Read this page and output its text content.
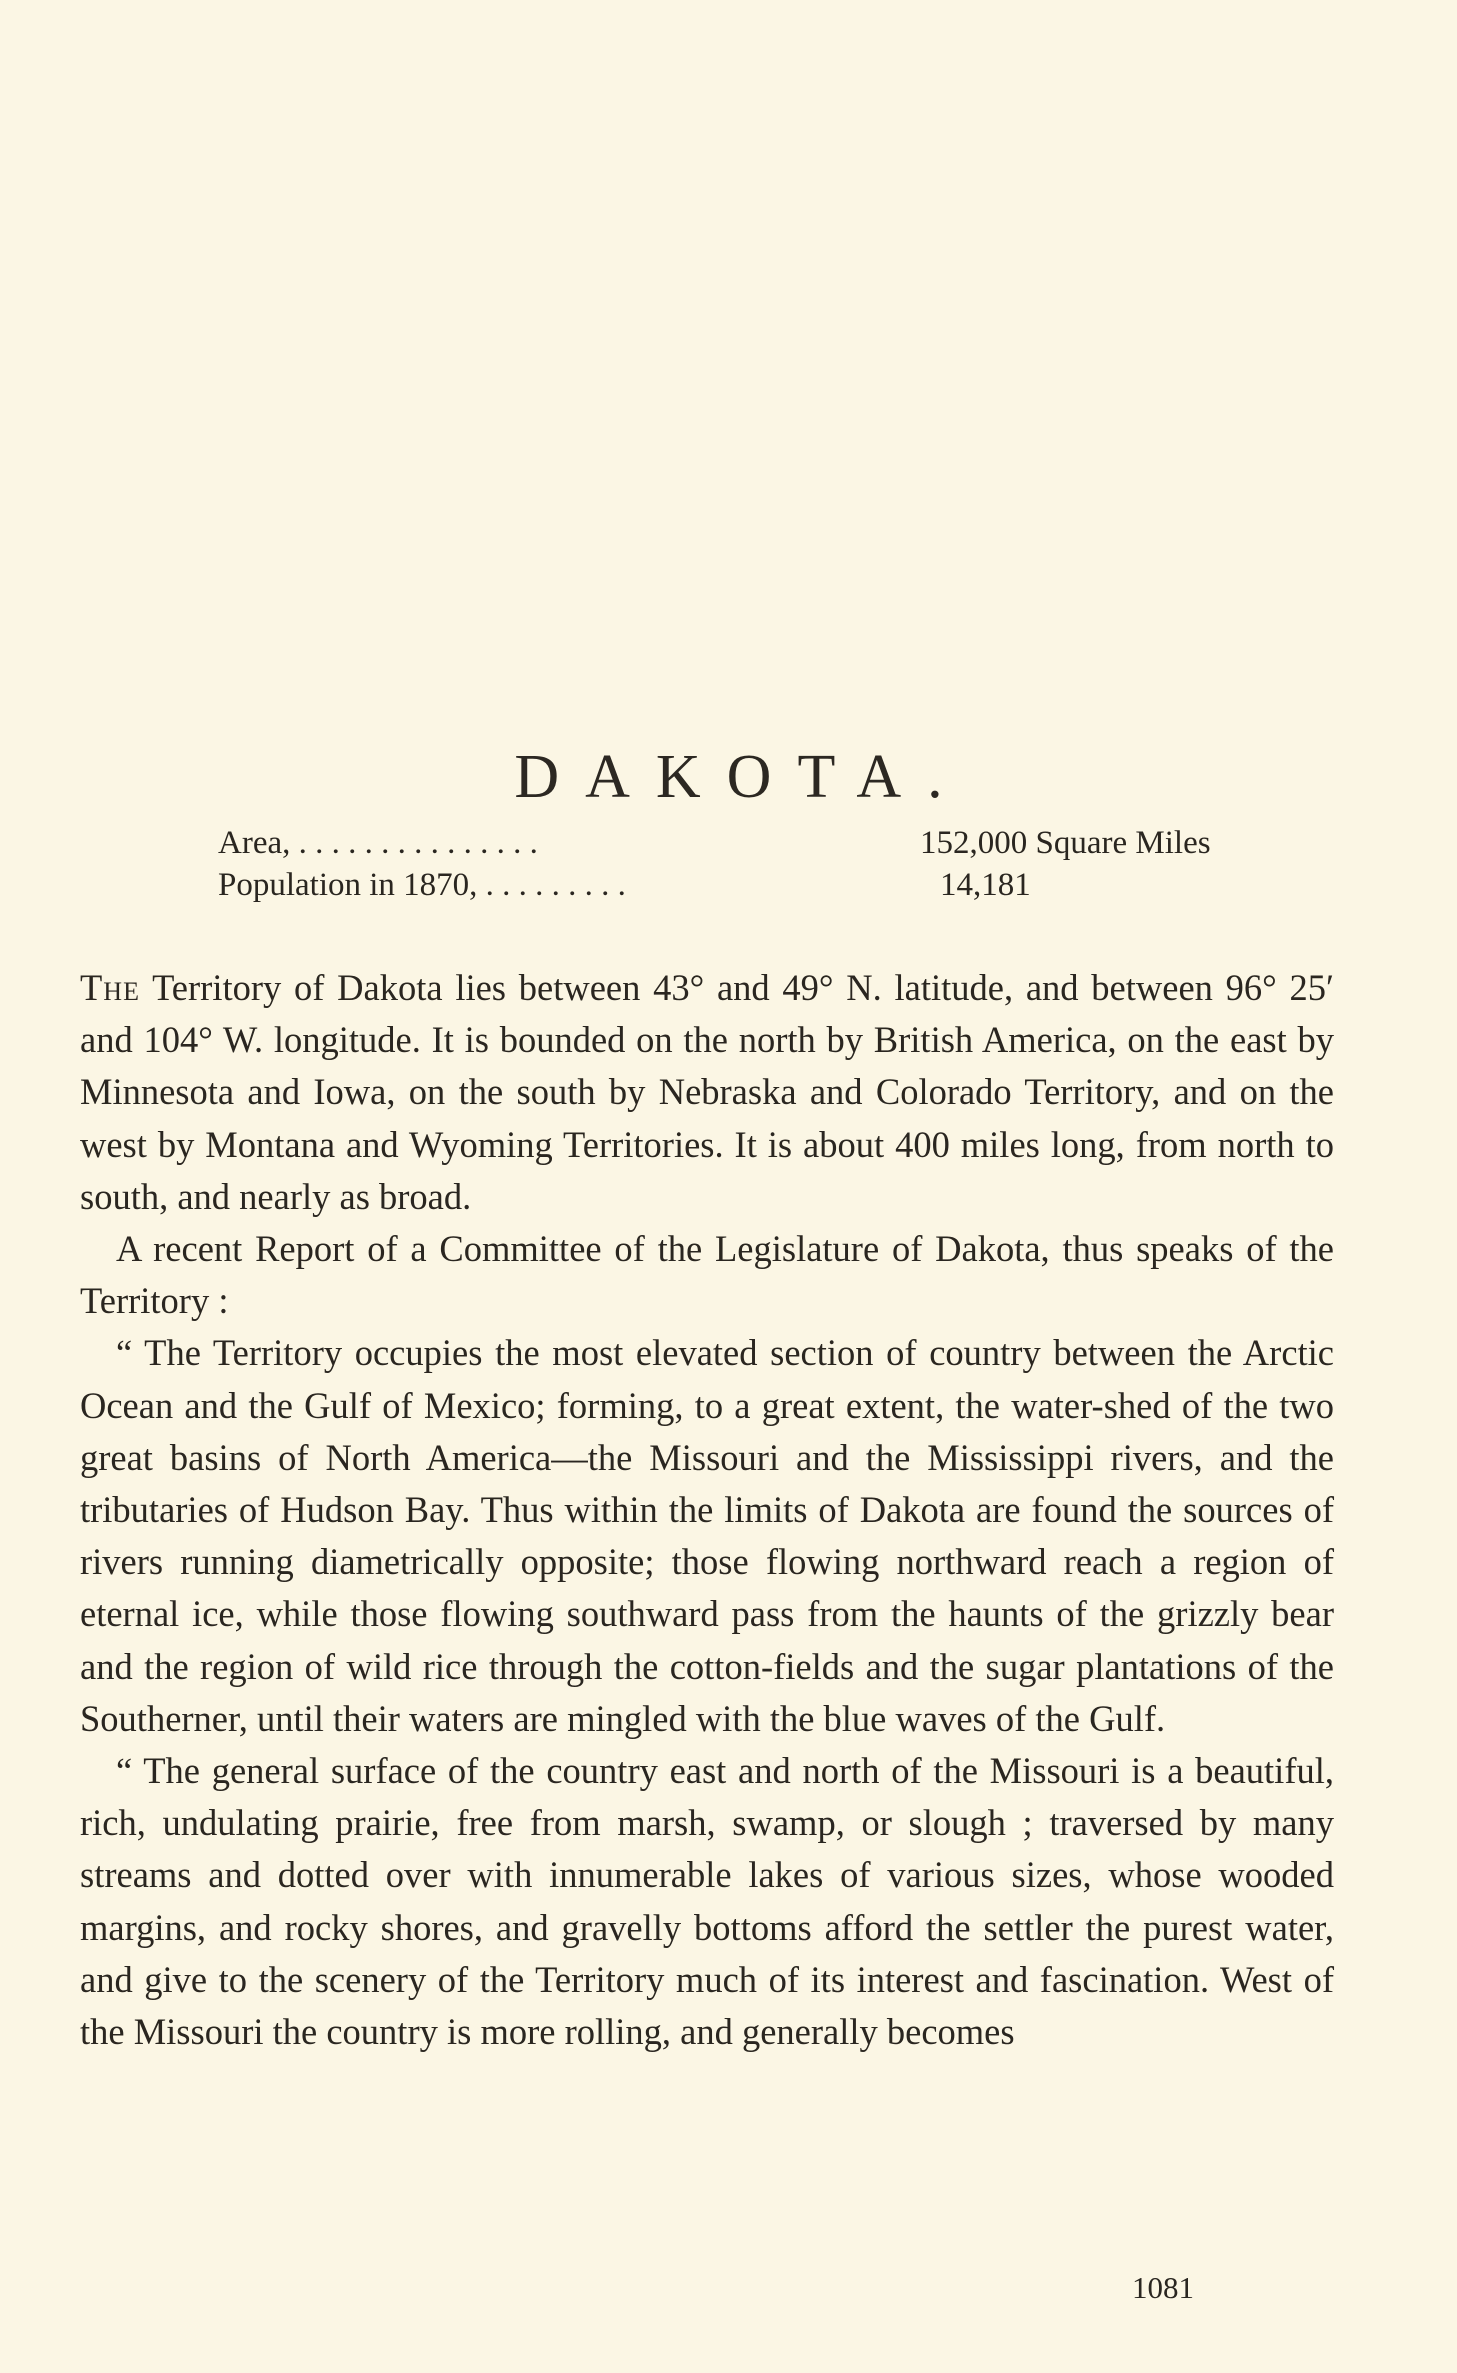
DAKOTA.
Area, . . . . . . . . . . . . . . .	152,000 Square Miles
Population in 1870, . . . . . . . . .	14,181

The Territory of Dakota lies between 43° and 49° N. latitude, and between 96° 25′ and 104° W. longitude. It is bounded on the north by British America, on the east by Minnesota and Iowa, on the south by Nebraska and Colorado Territory, and on the west by Montana and Wyoming Territories. It is about 400 miles long, from north to south, and nearly as broad.

A recent Report of a Committee of the Legislature of Dakota, thus speaks of the Territory :

“ The Territory occupies the most elevated section of country between the Arctic Ocean and the Gulf of Mexico; forming, to a great extent, the water-shed of the two great basins of North America—the Missouri and the Mississippi rivers, and the tributaries of Hudson Bay. Thus within the limits of Dakota are found the sources of rivers running diametrically opposite; those flowing northward reach a region of eternal ice, while those flowing southward pass from the haunts of the grizzly bear and the region of wild rice through the cotton-fields and the sugar plantations of the Southerner, until their waters are mingled with the blue waves of the Gulf.

“ The general surface of the country east and north of the Missouri is a beautiful, rich, undulating prairie, free from marsh, swamp, or slough ; traversed by many streams and dotted over with innumerable lakes of various sizes, whose wooded margins, and rocky shores, and gravelly bottoms afford the settler the purest water, and give to the scenery of the Territory much of its interest and fascination. West of the Missouri the country is more rolling, and generally becomes

1081
